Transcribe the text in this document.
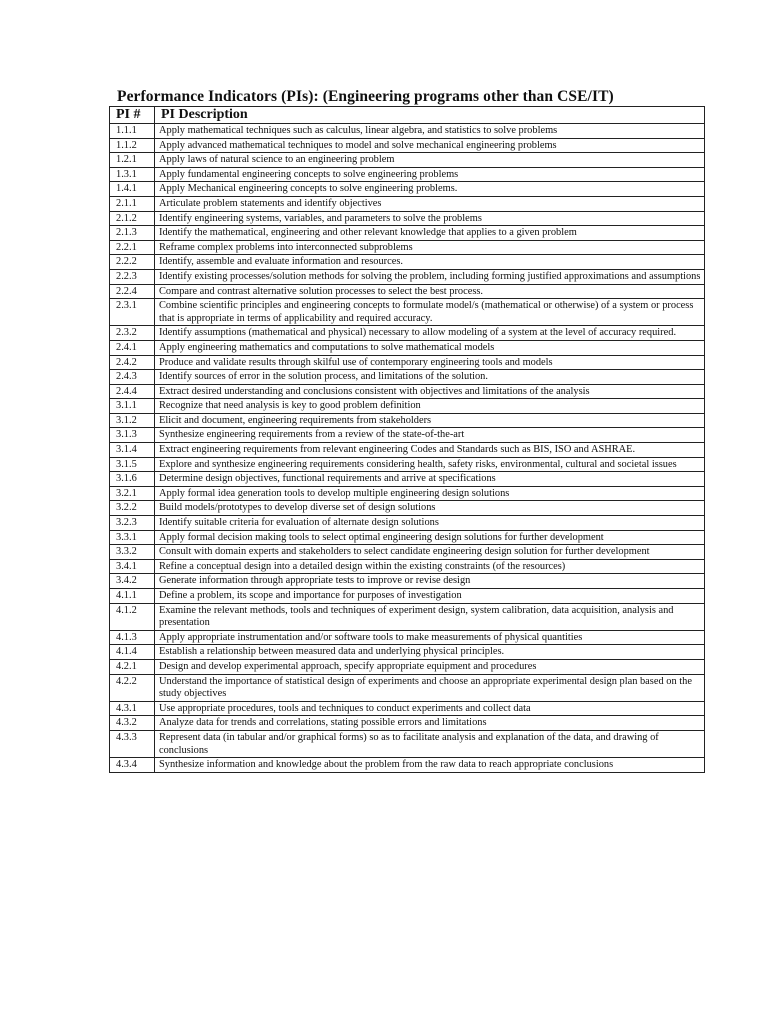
Performance Indicators (PIs): (Engineering programs other than CSE/IT)
PI #	PI Description
1.1.1	Apply mathematical techniques such as calculus, linear algebra, and statistics to solve problems
1.1.2	Apply advanced mathematical techniques to model and solve mechanical engineering problems
1.2.1	Apply laws of natural science to an engineering problem
1.3.1	Apply fundamental engineering concepts to solve engineering problems
1.4.1	Apply Mechanical engineering concepts to solve engineering problems.
2.1.1	Articulate problem statements and identify objectives
2.1.2	Identify engineering systems, variables, and parameters to solve the problems
2.1.3	Identify the mathematical, engineering and other relevant knowledge that applies to a given problem
2.2.1	Reframe complex problems into interconnected subproblems
2.2.2	Identify, assemble and evaluate information and resources.
2.2.3	Identify existing processes/solution methods for solving the problem, including forming justified approximations and assumptions
2.2.4	Compare and contrast alternative solution processes to select the best process.
2.3.1	Combine scientific principles and engineering concepts to formulate model/s (mathematical or otherwise) of a system or process that is appropriate in terms of applicability and required accuracy.
2.3.2	Identify assumptions (mathematical and physical) necessary to allow modeling of a system at the level of accuracy required.
2.4.1	Apply engineering mathematics and computations to solve mathematical models
2.4.2	Produce and validate results through skilful use of contemporary engineering tools and models
2.4.3	Identify sources of error in the solution process, and limitations of the solution.
2.4.4	Extract desired understanding and conclusions consistent with objectives and limitations of the analysis
3.1.1	Recognize that need analysis is key to good problem definition
3.1.2	Elicit and document, engineering requirements from stakeholders
3.1.3	Synthesize engineering requirements from a review of the state-of-the-art
3.1.4	Extract engineering requirements from relevant engineering Codes and Standards such as BIS, ISO and ASHRAE.
3.1.5	Explore and synthesize engineering requirements considering health, safety risks, environmental, cultural and societal issues
3.1.6	Determine design objectives, functional requirements and arrive at specifications
3.2.1	Apply formal idea generation tools to develop multiple engineering design solutions
3.2.2	Build models/prototypes to develop diverse set of design solutions
3.2.3	Identify suitable criteria for evaluation of alternate design solutions
3.3.1	Apply formal decision making tools to select optimal engineering design solutions for further development
3.3.2	Consult with domain experts and stakeholders to select candidate engineering design solution for further development
3.4.1	Refine a conceptual design into a detailed design within the existing constraints (of the resources)
3.4.2	Generate information through appropriate tests to improve or revise design
4.1.1	Define a problem, its scope and importance for purposes of investigation
4.1.2	Examine the relevant methods, tools and techniques of experiment design, system calibration, data acquisition, analysis and presentation
4.1.3	Apply appropriate instrumentation and/or software tools to make measurements of physical quantities
4.1.4	Establish a relationship between measured data and underlying physical principles.
4.2.1	Design and develop experimental approach, specify appropriate equipment and procedures
4.2.2	Understand the importance of statistical design of experiments and choose an appropriate experimental design plan based on the study objectives
4.3.1	Use appropriate procedures, tools and techniques to conduct experiments and collect data
4.3.2	Analyze data for trends and correlations, stating possible errors and limitations
4.3.3	Represent data (in tabular and/or graphical forms) so as to facilitate analysis and explanation of the data, and drawing of conclusions
4.3.4	Synthesize information and knowledge about the problem from the raw data to reach appropriate conclusions
